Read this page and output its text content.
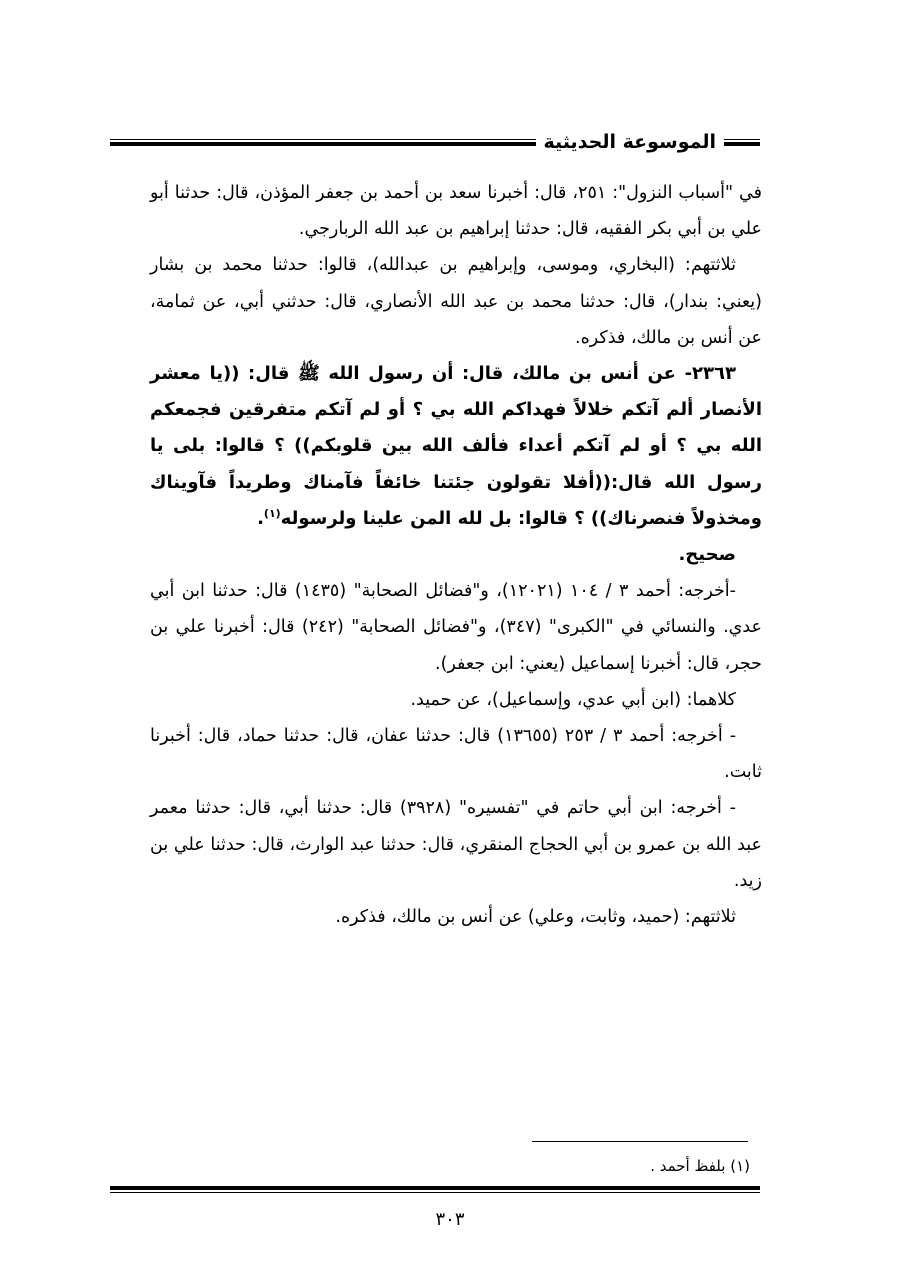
الموسوعة الحديثية

في "أسباب النزول": ٢٥١، قال: أخبرنا سعد بن أحمد بن جعفر المؤذن، قال: حدثنا أبو علي بن أبي بكر الفقيه، قال: حدثنا إبراهيم بن عبد الله الربارجي.

ثلاثتهم: (البخاري، وموسى، وإبراهيم بن عبدالله)، قالوا: حدثنا محمد بن بشار (يعني: بندار)، قال: حدثنا محمد بن عبد الله الأنصاري، قال: حدثني أبي، عن ثمامة، عن أنس بن مالك، فذكره.

٢٣٦٣- عن أنس بن مالك، قال: أن رسول الله ﷺ قال: ((يا معشر الأنصار ألم آتكم خلالاً فهداكم الله بي ؟ أو لم آتكم متفرقين فجمعكم الله بي ؟ أو لم آتكم أعداء فألف الله بين قلوبكم)) ؟ قالوا: بلى يا رسول الله قال:((أفلا تقولون جئتنا خائفاً فآمناك وطريداً فآويناك ومخذولاً فنصرناك)) ؟ قالوا: بل لله المن علينا ولرسوله$^{(١)}$.

صحيح.

-أخرجه: أحمد ٣ / ١٠٤ (١٢٠٢١)، و"فضائل الصحابة" (١٤٣٥) قال: حدثنا ابن أبي عدي. والنسائي في "الكبرى" (٣٤٧)، و"فضائل الصحابة" (٢٤٢) قال: أخبرنا علي بن حجر، قال: أخبرنا إسماعيل (يعني: ابن جعفر).

كلاهما: (ابن أبي عدي، وإسماعيل)، عن حميد.

- أخرجه: أحمد ٣ / ٢٥٣ (١٣٦٥٥) قال: حدثنا عفان، قال: حدثنا حماد، قال: أخبرنا ثابت.

- أخرجه: ابن أبي حاتم في "تفسيره" (٣٩٢٨) قال: حدثنا أبي، قال: حدثنا معمر عبد الله بن عمرو بن أبي الحجاج المنقري، قال: حدثنا عبد الوارث، قال: حدثنا علي بن زيد.

ثلاثتهم: (حميد، وثابت، وعلي) عن أنس بن مالك، فذكره.

(١) بلفظ أحمد .
٣٠٣
